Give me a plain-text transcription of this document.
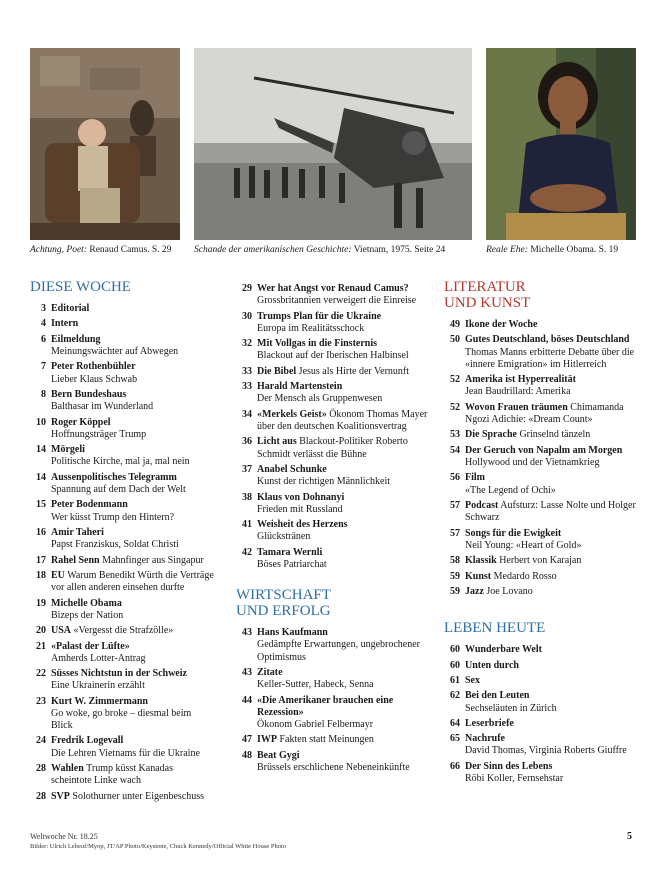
Achtung, Poet: Renaud Camus. S. 29 Schande der amerikanischen Geschichte: Vietnam, 1975. Seite 24	Reale Ehe: Michelle Obama. S. 19
DIESE WOCHE
3 Editorial
4 Intern
6 Eilmeldung
Meinungswächter auf Abwegen
7 Peter Rothenbühler
Lieber Klaus Schwab
8 Bern Bundeshaus
Balthasar im Wunderland
10 Roger Köppel
Hoffnungsträger Trump
14 Mörgeli
Politische Kirche, mal ja, mal nein
14 Aussenpolitisches Telegramm
Spannung auf dem Dach der Welt
15 Peter Bodenmann
Wer küsst Trump den Hintern?
16 Amir Taheri
Papst Franziskus, Soldat Christi
17 Rahel Senn Mahnfinger aus Singapur
18 EU Warum Benedikt Würth die Verträge vor allen anderen einsehen durfte
19 Michelle Obama
Bizeps der Nation
20 USA «Vergesst die Strafzölle»
21 «Palast der Lüfte»
Amherds Lotter-Antrag
22 Süsses Nichtstun in der Schweiz
Eine Ukrainerin erzählt
23 Kurt W. Zimmermann
Go woke, go broke – diesmal beim Blick
24 Fredrik Logevall
Die Lehren Vietnams für die Ukraine
28 Wahlen Trump küsst Kanadas scheintote Linke wach
28 SVP Solothurner unter Eigenbeschuss
29 Wer hat Angst vor Renaud Camus?
Grossbritannien verweigert die Einreise
30 Trumps Plan für die Ukraine
Europa im Realitätsschock
32 Mit Vollgas in die Finsternis
Blackout auf der Iberischen Halbinsel
33 Die Bibel Jesus als Hirte der Vernunft
33 Harald Martenstein
Der Mensch als Gruppenwesen
34 «Merkels Geist» Ökonom Thomas Mayer über den deutschen Koalitionsvertrag
36 Licht aus Blackout-Politiker Roberto Schmidt verlässt die Bühne
37 Anabel Schunke
Kunst der richtigen Männlichkeit
38 Klaus von Dohnanyi
Frieden mit Russland
41 Weisheit des Herzens
Glückstränen
42 Tamara Wernli
Böses Patriarchat
WIRTSCHAFT
UND ERFOLG
43 Hans Kaufmann
Gedämpfte Erwartungen, ungebrochener Optimismus
43 Zitate
Keller-Sutter, Habeck, Senna
44 «Die Amerikaner brauchen eine Rezession»
Ökonom Gabriel Felbermayr
47 IWP Fakten statt Meinungen
48 Beat Gygi
Brüssels erschlichene Nebeneinkünfte
LITERATUR
UND KUNST
49 Ikone der Woche
50 Gutes Deutschland, böses Deutschland
Thomas Manns erbitterte Debatte über die «innere Emigration» im Hitlerreich
52 Amerika ist Hyperrealität
Jean Baudrillard: Amerika
52 Wovon Frauen träumen Chimamanda Ngozi Adichie: «Dream Count»
53 Die Sprache Grinselnd tänzeln
54 Der Geruch von Napalm am Morgen
Hollywood und der Vietnamkrieg
56 Film
«The Legend of Ochi»
57 Podcast Aufsturz: Lasse Nolte und Holger Schwarz
57 Songs für die Ewigkeit
Neil Young: «Heart of Gold»
58 Klassik Herbert von Karajan
59 Kunst Medardo Rosso
59 Jazz Joe Lovano
LEBEN HEUTE
60 Wunderbare Welt
60 Unten durch
61 Sex
62 Bei den Leuten
Sechseläuten in Zürich
64 Leserbriefe
65 Nachrufe
David Thomas, Virginia Roberts Giuffre
66 Der Sinn des Lebens
Röbi Koller, Fernsehstar
Weltwoche Nr. 18.25
Bilder: Ulrich Lebeuf/Myop, JT/AP Photo/Keystone, Chuck Kennedy/Official White House Photo
5
